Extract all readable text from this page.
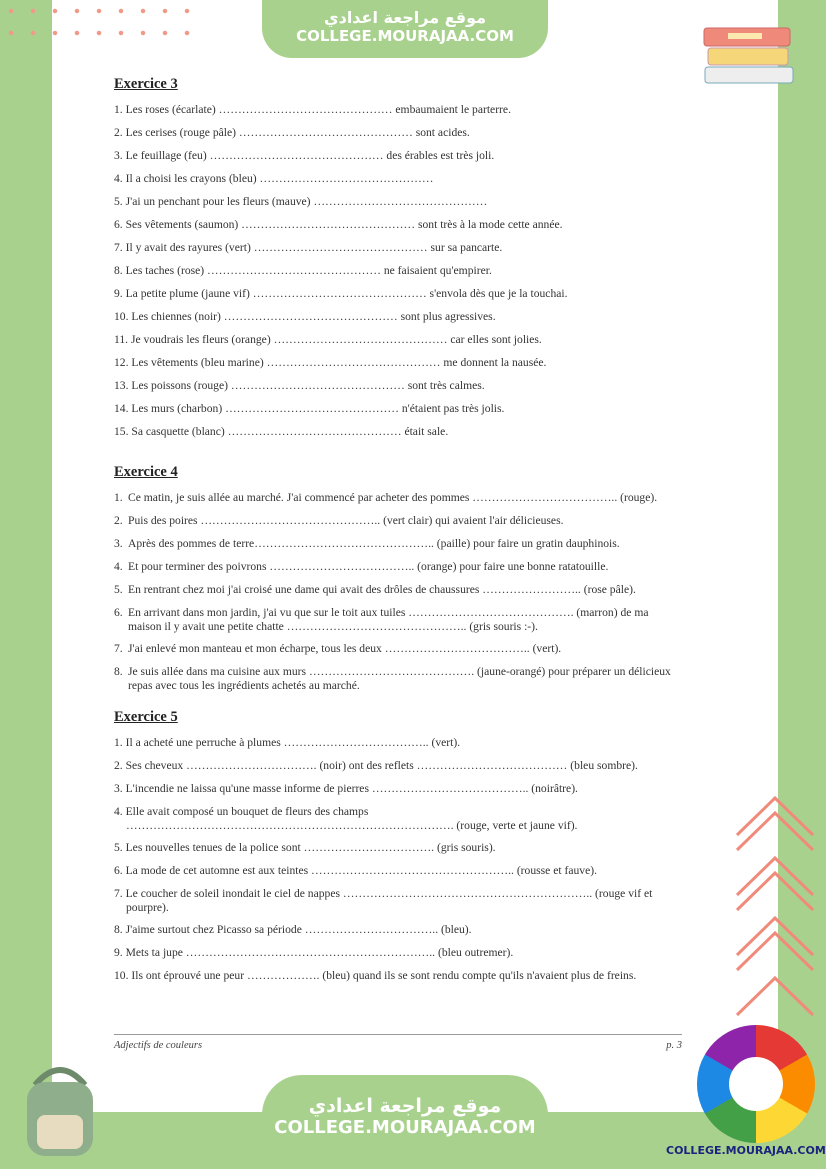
موقع مراجعة اعدادي
COLLEGE.MOURAJAA.COM
Exercice 3
1. Les roses (écarlate) ……………………………………… embaumaient le parterre.
2. Les cerises (rouge pâle) ……………………………………… sont acides.
3. Le feuillage (feu) ……………………………………… des érables est très joli.
4. Il a choisi les crayons (bleu) ………………………………………
5. J'ai un penchant pour les fleurs (mauve) ………………………………………
6. Ses vêtements (saumon) ……………………………………… sont très à la mode cette année.
7. Il y avait des rayures (vert) ……………………………………… sur sa pancarte.
8. Les taches (rose) ……………………………………… ne faisaient qu'empirer.
9. La petite plume (jaune vif) ……………………………………… s'envola dès que je la touchai.
10. Les chiennes (noir) ……………………………………… sont plus agressives.
11. Je voudrais les fleurs (orange) ……………………………………… car elles sont jolies.
12. Les vêtements (bleu marine) ……………………………………… me donnent la nausée.
13. Les poissons (rouge) ……………………………………… sont très calmes.
14. Les murs (charbon) ……………………………………… n'étaient pas très jolis.
15. Sa casquette (blanc) ……………………………………… était sale.
Exercice 4
1. Ce matin, je suis allée au marché. J'ai commencé par acheter des pommes ……………………………….. (rouge).
2. Puis des poires ……………………………………….. (vert clair) qui avaient l'air délicieuses.
3. Après des pommes de terre……………………………………….. (paille) pour faire un gratin dauphinois.
4. Et pour terminer des poivrons ……………………………….. (orange) pour faire une bonne ratatouille.
5. En rentrant chez moi j'ai croisé une dame qui avait des drôles de chaussures …………………….. (rose pâle).
6. En arrivant dans mon jardin, j'ai vu que sur le toit aux tuiles ……………………………………. (marron) de ma maison il y avait une petite chatte ……………………………………….. (gris souris :-).
7. J'ai enlevé mon manteau et mon écharpe, tous les deux ……………………………….. (vert).
8. Je suis allée dans ma cuisine aux murs ……………………………………. (jaune-orangé) pour préparer un délicieux repas avec tous les ingrédients achetés au marché.
Exercice 5
1. Il a acheté une perruche à plumes ……………………………….. (vert).
2. Ses cheveux ……………………………. (noir) ont des reflets ………………………………… (bleu sombre).
3. L'incendie ne laissa qu'une masse informe de pierres ………………………………….. (noirâtre).
4. Elle avait composé un bouquet de fleurs des champs …………………………………………………………………………. (rouge, verte et jaune vif).
5. Les nouvelles tenues de la police sont ……………………………. (gris souris).
6. La mode de cet automne est aux teintes …………………………………………….. (rousse et fauve).
7. Le coucher de soleil inondait le ciel de nappes ……………………………………………………….. (rouge vif et pourpre).
8. J'aime surtout chez Picasso sa période …………………………….. (bleu).
9. Mets ta jupe ……………………………………………………….. (bleu outremer).
10. Ils ont éprouvé une peur ………………. (bleu) quand ils se sont rendu compte qu'ils n'avaient plus de freins.
Adjectifs de couleurs	p. 3
موقع مراجعة اعدادي
COLLEGE.MOURAJAA.COM
COLLEGE.MOURAJAA.COM
